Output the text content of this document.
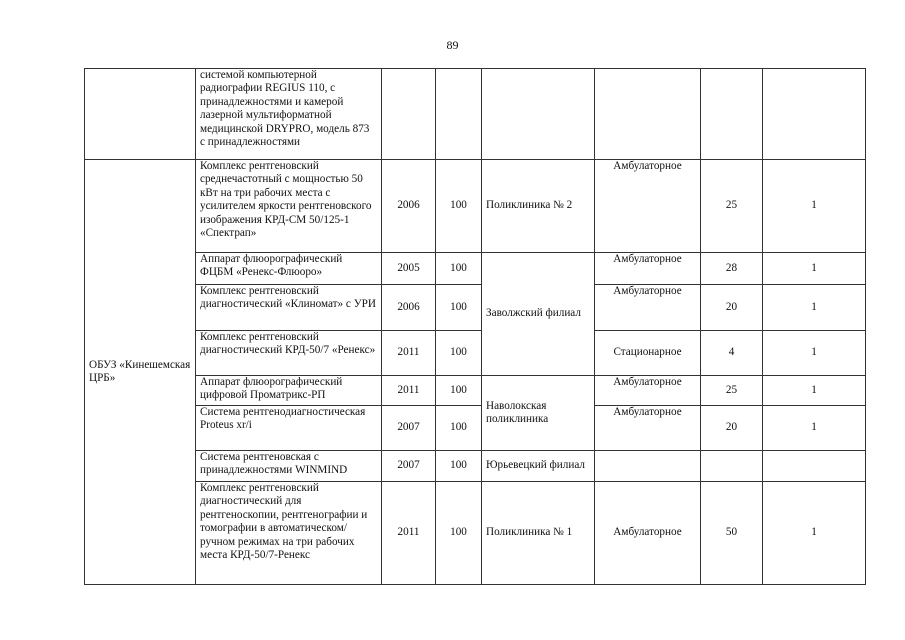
89
	системой компьютерной радиографии REGIUS 110, с принадлежностями и камерой лазерной мультиформатной медицинской DRYPRO, модель 873 с принадлежностями						
ОБУЗ «Кинешемская ЦРБ»	Комплекс рентгеновский среднечастотный с мощностью 50 кВт на три рабочих места с усилителем яркости рентгеновского изображения КРД-СМ 50/125-1 «Спектрап»	2006	100	Поликлиника № 2	Амбулаторное	25	1
	Аппарат флюорографический ФЦБМ «Ренекс-Флюоро»	2005	100	Заволжский филиал	Амбулаторное	28	1
	Комплекс рентгеновский диагностический «Клиномат» с УРИ	2006	100		Амбулаторное	20	1
	Комплекс рентгеновский диагностический КРД-50/7 «Ренекс»	2011	100		Стационарное	4	1
	Аппарат флюорографический цифровой Проматрикс-РП	2011	100	Наволокская поликлиника	Амбулаторное	25	1
	Система рентгенодиагностическая Proteus xr/i	2007	100		Амбулаторное	20	1
	Система рентгеновская с принадлежностями WINMIND	2007	100	Юрьевецкий филиал			
	Комплекс рентгеновский диагностический для рентгеноскопии, рентгенографии и томографии в автоматическом/ручном режимах на три рабочих места КРД-50/7-Ренекс	2011	100	Поликлиника № 1	Амбулаторное	50	1
